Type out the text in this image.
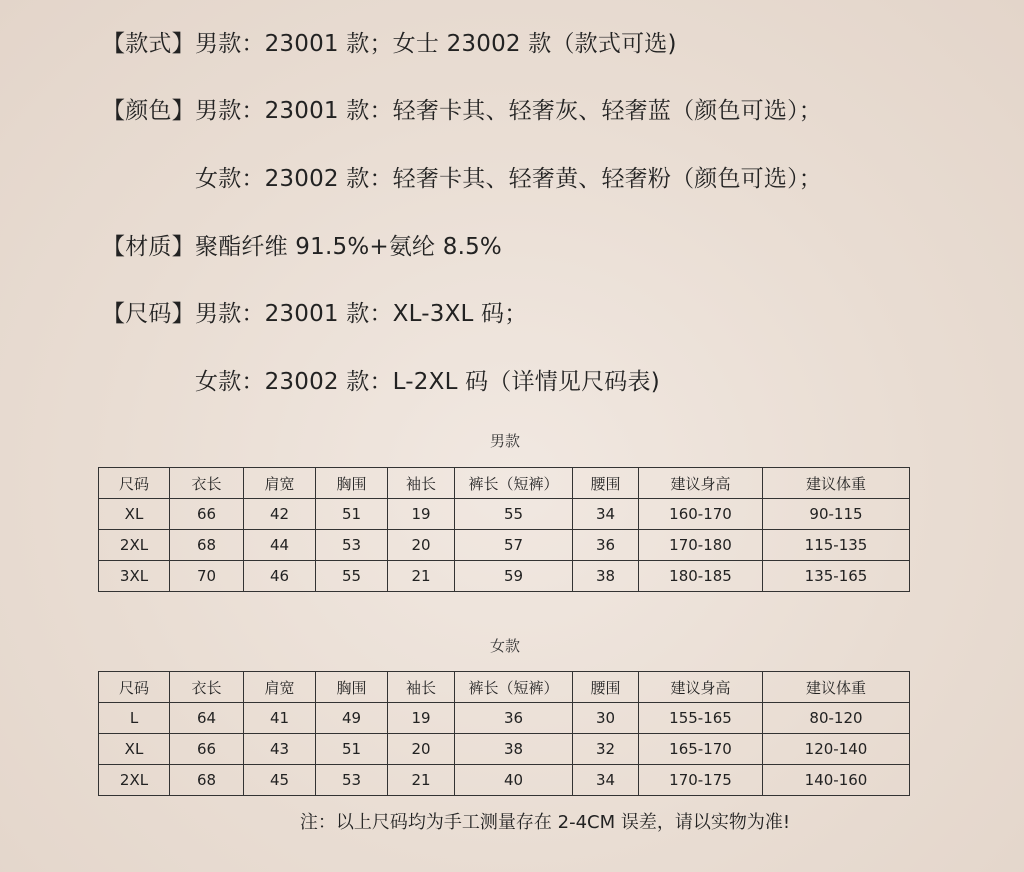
【款式】男款：23001 款；女士 23002 款（款式可选)
【颜色】男款：23001 款：轻奢卡其、轻奢灰、轻奢蓝（颜色可选）；
女款：23002 款：轻奢卡其、轻奢黄、轻奢粉（颜色可选）；
【材质】聚酯纤维 91.5%+氨纶 8.5%
【尺码】男款：23001 款：XL-3XL 码；
女款：23002 款：L-2XL 码（详情见尺码表)
男款
尺码	衣长	肩宽	胸围	袖长	裤长（短裤）	腰围	建议身高	建议体重
XL	66	42	51	19	55	34	160-170	90-115
2XL	68	44	53	20	57	36	170-180	115-135
3XL	70	46	55	21	59	38	180-185	135-165
女款
尺码	衣长	肩宽	胸围	袖长	裤长（短裤）	腰围	建议身高	建议体重
L	64	41	49	19	36	30	155-165	80-120
XL	66	43	51	20	38	32	165-170	120-140
2XL	68	45	53	21	40	34	170-175	140-160
注：以上尺码均为手工测量存在 2-4CM 误差，请以实物为准!
